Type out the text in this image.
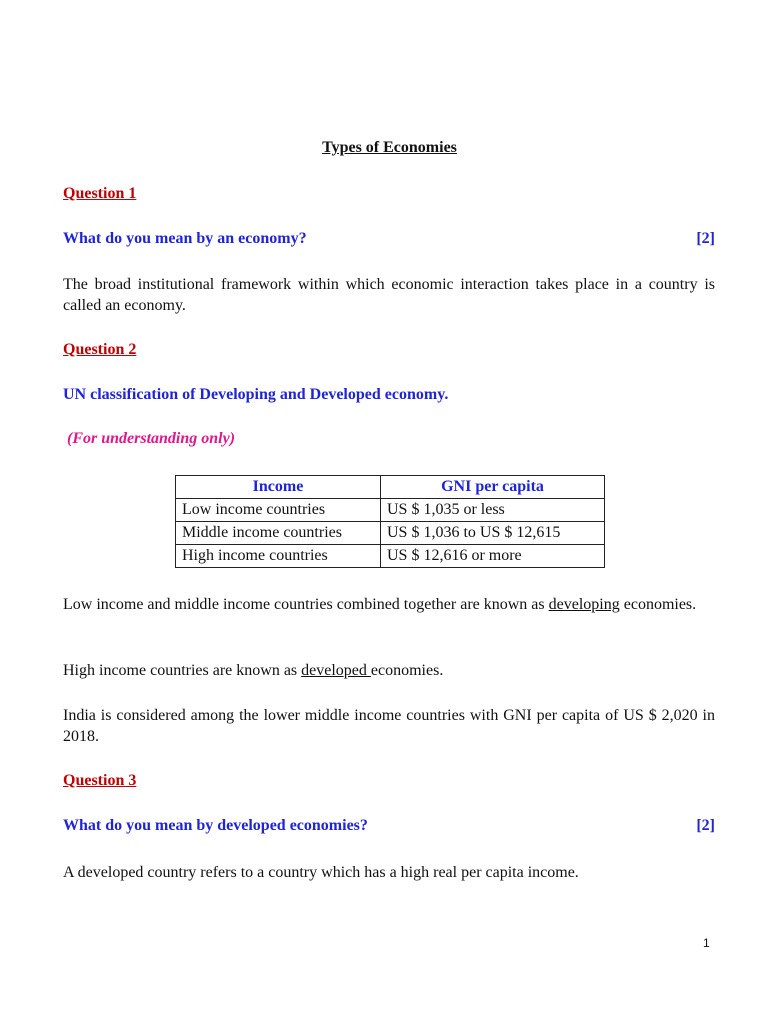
Types of Economies
Question 1
What do you mean by an economy?	[2]
The broad institutional framework within which economic interaction takes place in a country is called an economy.
Question 2
UN classification of Developing and Developed economy.
(For understanding only)
Income	GNI per capita
Low income countries	US $ 1,035 or less
Middle income countries	US $ 1,036 to US $ 12,615
High income countries	US $ 12,616 or more
Low income and middle income countries combined together are known as developing economies.
High income countries are known as developed economies.
India is considered among the lower middle income countries with GNI per capita of US $ 2,020 in 2018.
Question 3
What do you mean by developed economies?	[2]
A developed country refers to a country which has a high real per capita income.
1
